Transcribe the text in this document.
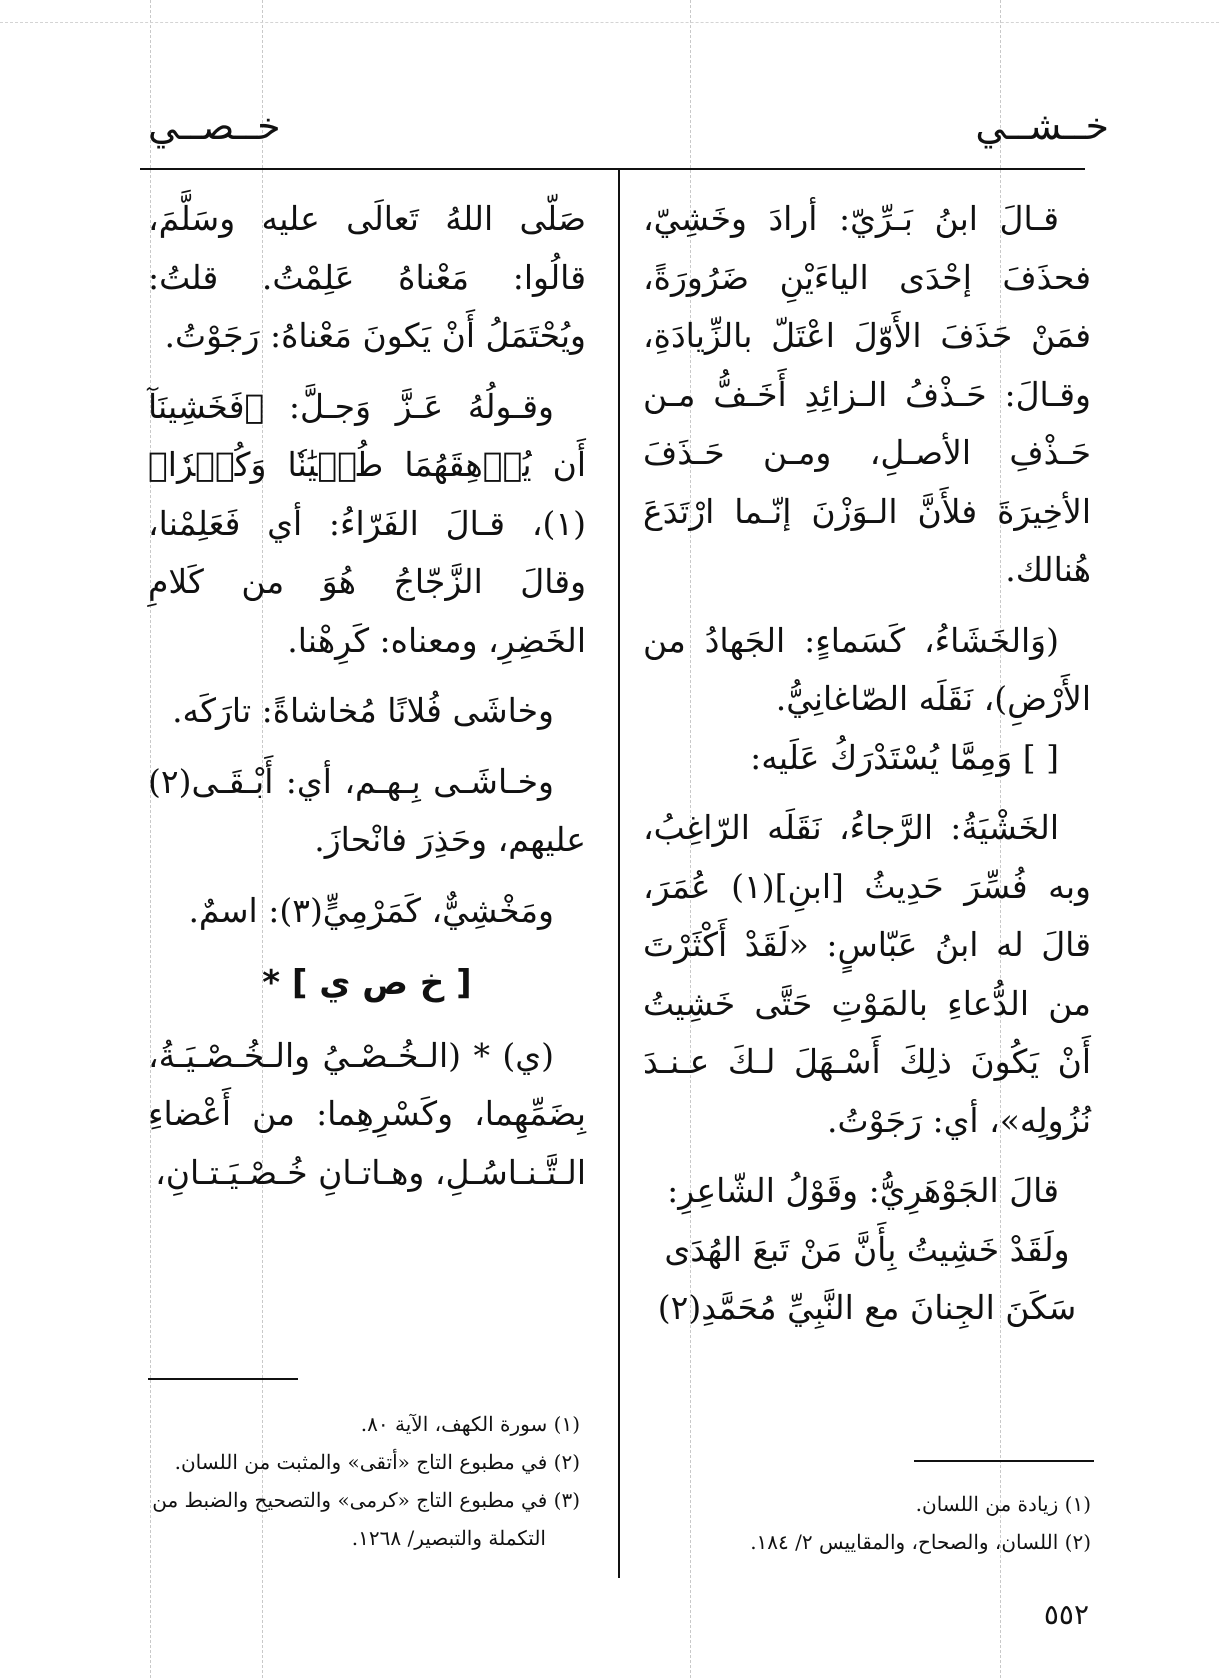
خــشــي
خــصــي

قـالَ ابنُ بَـرِّيّ: أرادَ وخَشِيّ، فحذَفَ إحْدَى الياءَيْنِ ضَرُورَةً، فمَنْ حَذَفَ الأَوّلَ اعْتَلّ بالزِّيادَةِ، وقـالَ: حَـذْفُ الـزائِدِ أَخَـفُّ مـن حَـذْفِ الأصـلِ، ومـن حَـذَفَ الأخِيرَةَ فلأَنَّ الـوَزْنَ إنّـما ارْتَدَعَ هُنالك.

(وَالخَشَاءُ، كَسَماءٍ: الجَهادُ من الأَرْضِ)، نَقَلَه الصّاغانِيُّ.

[ ] وَمِمَّا يُسْتَدْرَكُ عَلَيه:

الخَشْيَةُ: الرَّجاءُ، نَقَلَه الرّاغِبُ، وبه فُسِّرَ حَدِيثُ [ابنِ](١) عُمَرَ، قالَ له ابنُ عَبّاسٍ: «لَقَدْ أَكْثَرْتَ من الدُّعاءِ بالمَوْتِ حَتَّى خَشِيتُ أَنْ يَكُونَ ذلِكَ أَسْـهَلَ لـكَ عـنـدَ نُزُولِه»، أي: رَجَوْتُ.

قالَ الجَوْهَرِيُّ: وقَوْلُ الشّاعِرِ:

ولَقَدْ خَشِيتُ بِأَنَّ مَنْ تَبعَ الهُدَى

سَكَنَ الجِنانَ مع النَّبِيِّ مُحَمَّدِ(٢)

(١) زيادة من اللسان.

(٢) اللسان، والصحاح، والمقاييس ٢/ ١٨٤.

صَلّى اللهُ تَعالَى عليه وسَلَّمَ، قالُوا: مَعْناهُ عَلِمْتُ. قلتُ: ويُحْتَمَلُ أَنْ يَكونَ مَعْناهُ: رَجَوْتُ.

وقـولُهُ عَـزَّ وَجـلَّ: ﴿فَخَشِينَآ أَن يُرۡهِقَهُمَا طُغۡيَٰنٗا وَكُفۡرٗا﴾(١)، قـالَ الفَرّاءُ: أي فَعَلِمْنا، وقالَ الزَّجّاجُ هُوَ من كَلامِ الخَضِرِ، ومعناه: كَرِهْنا.

وخاشَى فُلانًا مُخاشاةً: تارَكَه.

وخـاشَـى بِـهـم، أي: أَبْـقَـى(٢) عليهم، وحَذِرَ فانْحازَ.

ومَخْشِيٌّ، كَمَرْمِيٍّ(٣): اسمٌ.

[ خ ص ي ] *

(ي) * (الـخُـصْـيُ والـخُـصْـيَـةُ، بِضَمِّهِما، وكَسْرِهِما: من أَعْضاءِ الـتَّـنـاسُـلِ، وهـاتـانِ خُـصْـيَـتـانِ،

(١) سورة الكهف، الآية ٨٠.

(٢) في مطبوع التاج «أتقى» والمثبت من اللسان.

(٣) في مطبوع التاج «كرمى» والتصحيح والضبط من

التكملة والتبصير/ ١٢٦٨.

٥٥٢
